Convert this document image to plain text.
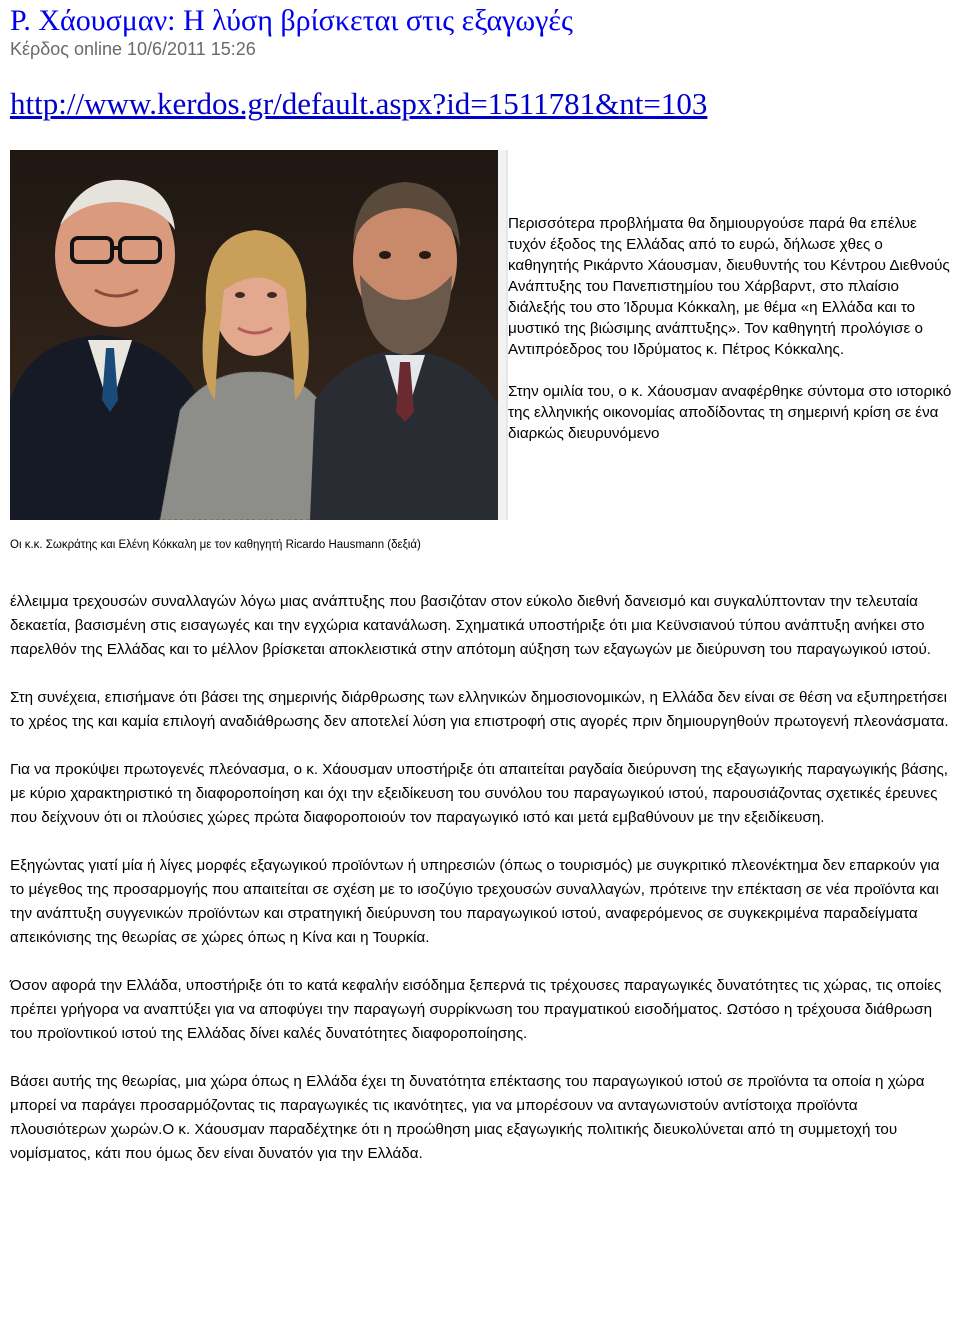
Ρ. Χάουσμαν: Η λύση βρίσκεται στις εξαγωγές
Κέρδος online 10/6/2011 15:26
http://www.kerdos.gr/default.aspx?id=1511781&nt=103

Περισσότερα προβλήματα θα δημιουργούσε παρά θα επέλυε τυχόν έξοδος της Ελλάδας από το ευρώ, δήλωσε χθες ο καθηγητής Ρικάρντο Χάουσμαν, διευθυντής του Κέντρου Διεθνούς Ανάπτυξης του Πανεπιστημίου του Χάρβαρντ, στο πλαίσιο διάλεξής του στο Ίδρυμα Κόκκαλη, με θέμα «η Ελλάδα και το μυστικό της βιώσιμης ανάπτυξης». Τον καθηγητή προλόγισε ο Αντιπρόεδρος του Ιδρύματος κ. Πέτρος Κόκκαλης.

Στην ομιλία του, ο κ. Χάουσμαν αναφέρθηκε σύντομα στο ιστορικό της ελληνικής οικονομίας αποδίδοντας τη σημερινή κρίση σε ένα διαρκώς διευρυνόμενο

Οι κ.κ. Σωκράτης και Ελένη Κόκκαλη με τον καθηγητή Ricardo Hausmann (δεξιά)

έλλειμμα τρεχουσών συναλλαγών λόγω μιας ανάπτυξης που βασιζόταν στον εύκολο διεθνή δανεισμό και συγκαλύπτονταν την τελευταία δεκαετία, βασισμένη στις εισαγωγές και την εγχώρια κατανάλωση. Σχηματικά υποστήριξε ότι μια Κεϋνσιανού τύπου ανάπτυξη ανήκει στο παρελθόν της Ελλάδας και το μέλλον βρίσκεται αποκλειστικά στην απότομη αύξηση των εξαγωγών με διεύρυνση του παραγωγικού ιστού.

Στη συνέχεια, επισήμανε ότι βάσει της σημερινής διάρθρωσης των ελληνικών δημοσιονομικών, η Ελλάδα δεν είναι σε θέση να εξυπηρετήσει το χρέος της και καμία επιλογή αναδιάθρωσης δεν αποτελεί λύση για επιστροφή στις αγορές πριν δημιουργηθούν πρωτογενή πλεονάσματα.

Για να προκύψει πρωτογενές πλεόνασμα, ο κ. Χάουσμαν υποστήριξε ότι απαιτείται ραγδαία διεύρυνση της εξαγωγικής παραγωγικής βάσης, με κύριο χαρακτηριστικό τη διαφοροποίηση και όχι την εξειδίκευση του συνόλου του παραγωγικού ιστού, παρουσιάζοντας σχετικές έρευνες που δείχνουν ότι οι πλούσιες χώρες πρώτα διαφοροποιούν τον παραγωγικό ιστό και μετά εμβαθύνουν με την εξειδίκευση.

Εξηγώντας γιατί μία ή λίγες μορφές εξαγωγικού προϊόντων ή υπηρεσιών (όπως ο τουρισμός) με συγκριτικό πλεονέκτημα δεν επαρκούν για το μέγεθος της προσαρμογής που απαιτείται σε σχέση με το ισοζύγιο τρεχουσών συναλλαγών, πρότεινε την επέκταση σε νέα προϊόντα και την ανάπτυξη συγγενικών προϊόντων και στρατηγική διεύρυνση του παραγωγικού ιστού, αναφερόμενος σε συγκεκριμένα παραδείγματα απεικόνισης της θεωρίας σε χώρες όπως η Κίνα και η Τουρκία.

Όσον αφορά την Ελλάδα, υποστήριξε ότι το κατά κεφαλήν εισόδημα ξεπερνά τις τρέχουσες παραγωγικές δυνατότητες τις χώρας, τις οποίες πρέπει γρήγορα να αναπτύξει για να αποφύγει την παραγωγή συρρίκνωση του πραγματικού εισοδήματος. Ωστόσο η τρέχουσα διάθρωση του προϊοντικού ιστού της Ελλάδας δίνει καλές δυνατότητες διαφοροποίησης.

Βάσει αυτής της θεωρίας, μια χώρα όπως η Ελλάδα έχει τη δυνατότητα επέκτασης του παραγωγικού ιστού σε προϊόντα τα οποία η χώρα μπορεί να παράγει προσαρμόζοντας τις παραγωγικές τις ικανότητες, για να μπορέσουν να ανταγωνιστούν αντίστοιχα προϊόντα πλουσιότερων χωρών.Ο κ. Χάουσμαν παραδέχτηκε ότι η προώθηση μιας εξαγωγικής πολιτικής διευκολύνεται από τη συμμετοχή του νομίσματος, κάτι που όμως δεν είναι δυνατόν για την Ελλάδα.
